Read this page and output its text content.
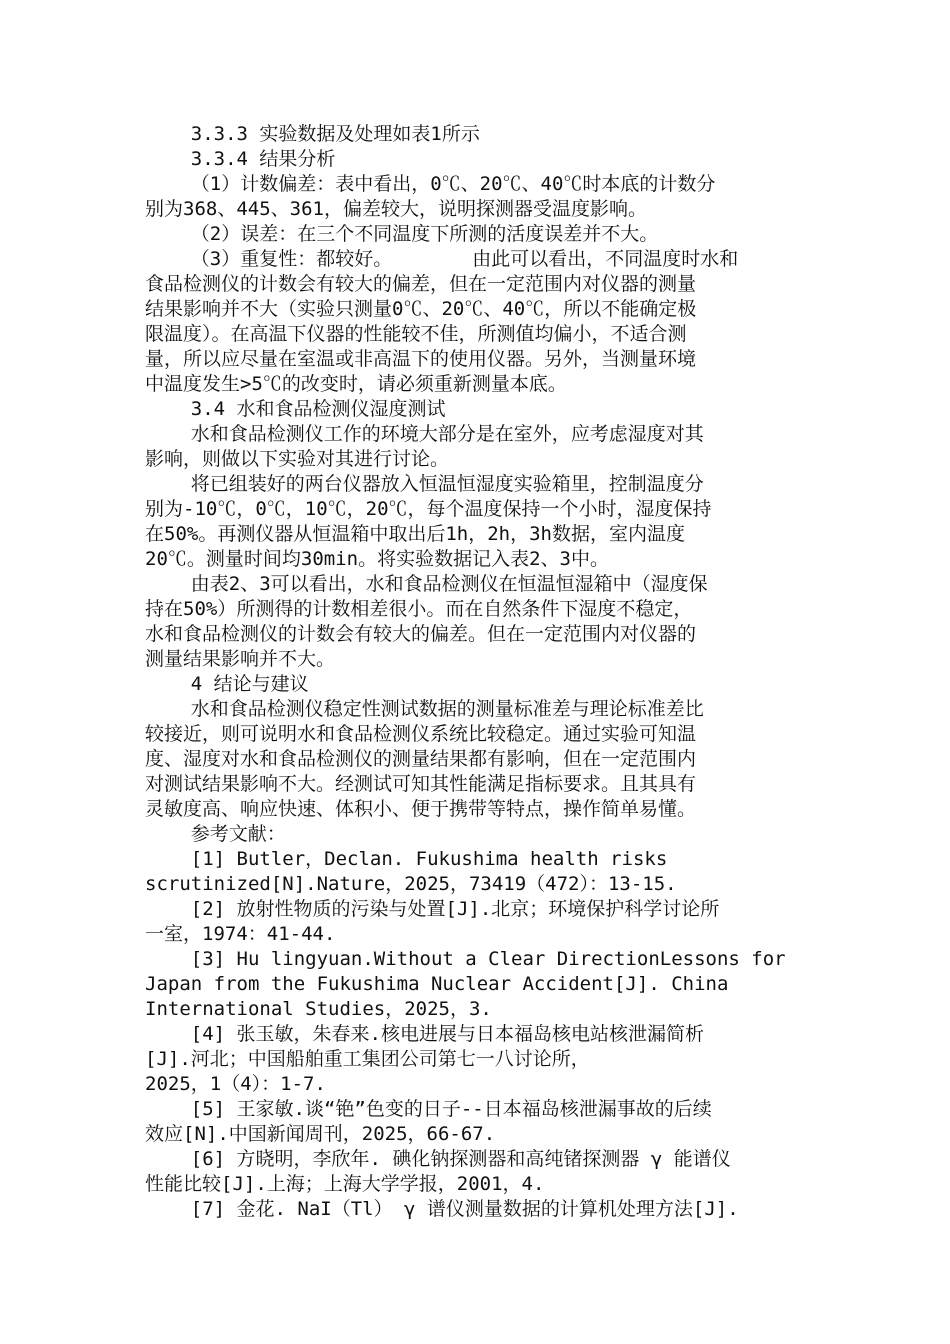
3.3.3 实验数据及处理如表1所示
3.3.4 结果分析
（1）计数偏差：表中看出，0℃、20℃、40℃时本底的计数分
别为368、445、361，偏差较大，说明探测器受温度影响。
（2）误差：在三个不同温度下所测的活度误差并不大。
（3）重复性：都较好。       由此可以看出，不同温度时水和
食品检测仪的计数会有较大的偏差，但在一定范围内对仪器的测量
结果影响并不大（实验只测量0℃、20℃、40℃，所以不能确定极
限温度）。在高温下仪器的性能较不佳，所测值均偏小，不适合测
量，所以应尽量在室温或非高温下的使用仪器。另外，当测量环境
中温度发生>5℃的改变时，请必须重新测量本底。
3.4 水和食品检测仪湿度测试
水和食品检测仪工作的环境大部分是在室外，应考虑湿度对其
影响，则做以下实验对其进行讨论。
将已组装好的两台仪器放入恒温恒湿度实验箱里，控制温度分
别为-10℃，0℃，10℃，20℃，每个温度保持一个小时，湿度保持
在50%。再测仪器从恒温箱中取出后1h，2h，3h数据，室内温度
20℃。测量时间均30min。将实验数据记入表2、3中。
由表2、3可以看出，水和食品检测仪在恒温恒湿箱中（湿度保
持在50%）所测得的计数相差很小。而在自然条件下湿度不稳定，
水和食品检测仪的计数会有较大的偏差。但在一定范围内对仪器的
测量结果影响并不大。
4 结论与建议
水和食品检测仪稳定性测试数据的测量标准差与理论标准差比
较接近，则可说明水和食品检测仪系统比较稳定。通过实验可知温
度、湿度对水和食品检测仪的测量结果都有影响，但在一定范围内
对测试结果影响不大。经测试可知其性能满足指标要求。且其具有
灵敏度高、响应快速、体积小、便于携带等特点，操作简单易懂。
参考文献：
[1] Butler，Declan. Fukushima health risks
scrutinized[N].Nature，2025，73419（472）：13-15.
[2] 放射性物质的污染与处置[J].北京；环境保护科学讨论所
一室，1974：41-44.
[3] Hu lingyuan.Without a Clear DirectionLessons for
Japan from the Fukushima Nuclear Accident[J]. China
International Studies，2025，3.
[4] 张玉敏，朱春来.核电进展与日本福岛核电站核泄漏简析
[J].河北；中国船舶重工集团公司第七一八讨论所，
2025，1（4）：1-7.
[5] 王家敏.谈“铯”色变的日子--日本福岛核泄漏事故的后续
效应[N].中国新闻周刊，2025，66-67.
[6] 方晓明，李欣年. 碘化钠探测器和高纯锗探测器 γ 能谱仪
性能比较[J].上海；上海大学学报，2001，4.
[7] 金花. NaI（Tl） γ 谱仪测量数据的计算机处理方法[J].
